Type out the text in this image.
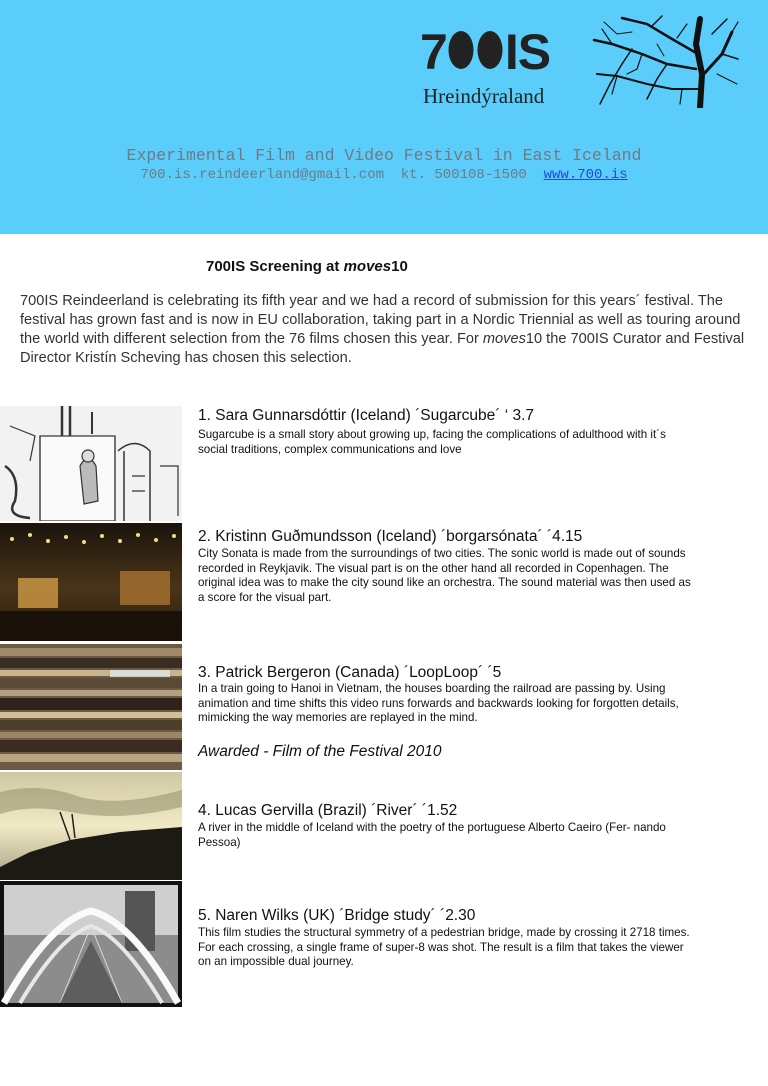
7 IS
Hreindýraland
Experimental Film and Video Festival in East Iceland
700.is.reindeerland@gmail.com  kt. 500108-1500  www.700.is
700IS Screening at moves10
700IS Reindeerland is celebrating its fifth year and we had a record of submission for this years´ festival. The festival has grown fast and is now in EU collaboration, taking part in a Nordic Triennial as well as touring around the world with different selection from the 76 films chosen this year. For moves10 the 700IS Curator and Festival Director Kristín Scheving has chosen this selection.
1. Sara Gunnarsdóttir (Iceland) ´Sugarcube´ ‘ 3.7
Sugarcube is a small story about growing up, facing the complications of adulthood with it´s social traditions, complex communications and love
2. Kristinn Guðmundsson (Iceland) ´borgarsónata´ ´4.15
City Sonata is made from the surroundings of two cities. The sonic world is made out of sounds recorded in Reykjavik. The visual part is on the other hand all recorded in Copenhagen. The original idea was to make the city sound like an orchestra. The sound material was then used as a score for the visual part.
3. Patrick Bergeron (Canada) ´LoopLoop´ ´5
In a train going to Hanoi in Vietnam, the houses boarding the railroad are passing by. Using animation and time shifts this video runs forwards and backwards looking for forgotten details, mimicking the way memories are replayed in the mind.
Awarded - Film of the Festival 2010
4. Lucas Gervilla (Brazil) ´River´ ´1.52
A river in the middle of Iceland with the poetry of the portuguese Alberto Caeiro (Fer- nando Pessoa)
5. Naren Wilks (UK) ´Bridge study´ ´2.30
This film studies the structural symmetry of a pedestrian bridge, made by crossing it 2718 times. For each crossing, a single frame of super-8 was shot. The result is a film that takes the viewer on an impossible dual journey.
